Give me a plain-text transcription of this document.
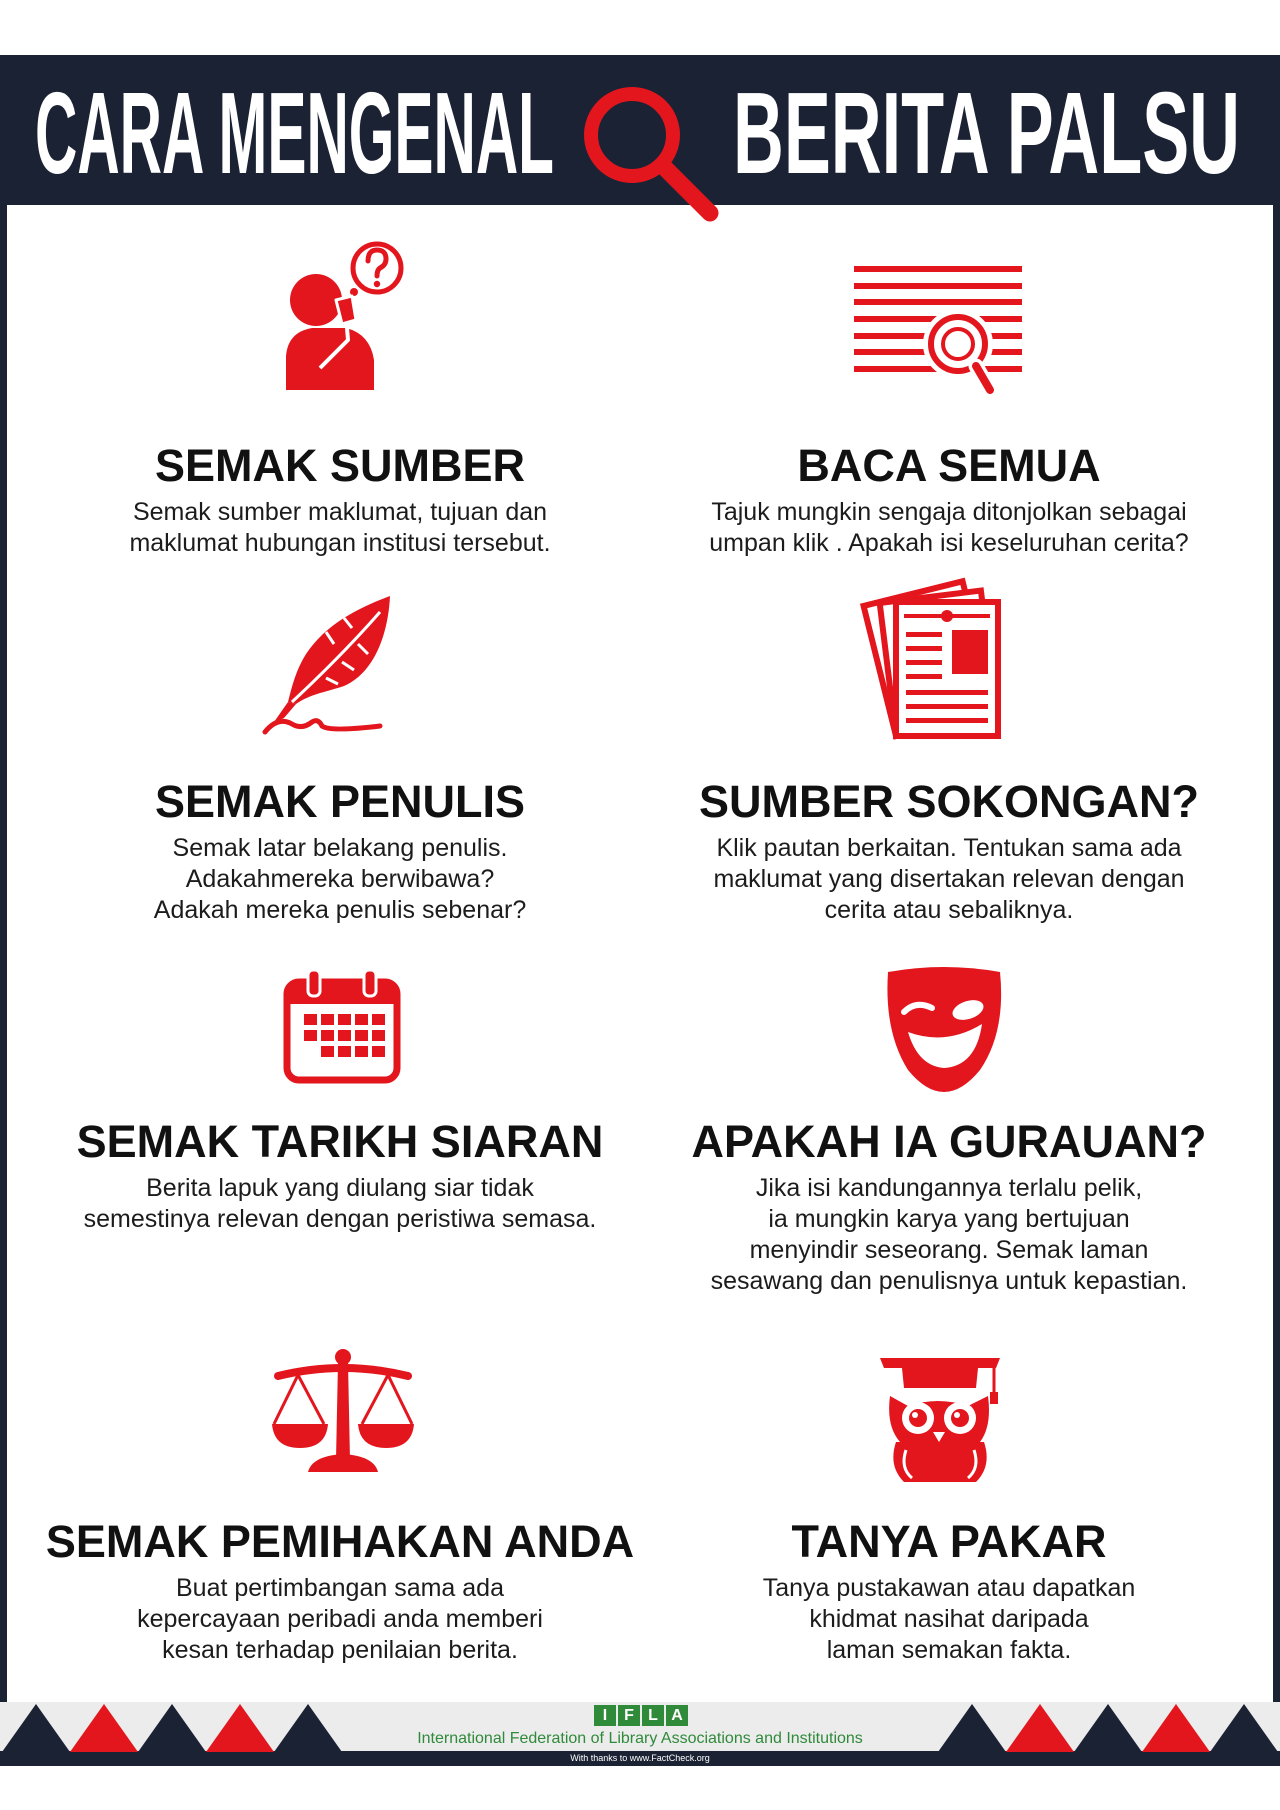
CARA MENGENAL BERITA PALSU
SEMAK SUMBER
Semak sumber maklumat, tujuan dan
maklumat hubungan institusi tersebut.
BACA SEMUA
Tajuk mungkin sengaja ditonjolkan sebagai
umpan klik . Apakah isi keseluruhan cerita?
SEMAK PENULIS
Semak latar belakang penulis.
Adakahmereka berwibawa?
Adakah mereka penulis sebenar?
SUMBER SOKONGAN?
Klik pautan berkaitan. Tentukan sama ada
maklumat yang disertakan relevan dengan
cerita atau sebaliknya.
SEMAK TARIKH SIARAN
Berita lapuk yang diulang siar tidak
semestinya relevan dengan peristiwa semasa.
APAKAH IA GURAUAN?
Jika isi kandungannya terlalu pelik,
ia mungkin karya yang bertujuan
menyindir seseorang. Semak laman
sesawang dan penulisnya untuk kepastian.
SEMAK PEMIHAKAN ANDA
Buat pertimbangan sama ada
kepercayaan peribadi anda memberi
kesan terhadap penilaian berita.
TANYA PAKAR
Tanya pustakawan atau dapatkan
khidmat nasihat daripada
laman semakan fakta.
I	F L A
International Federation of Library Associations and Institutions
With thanks to www.FactCheck.org
